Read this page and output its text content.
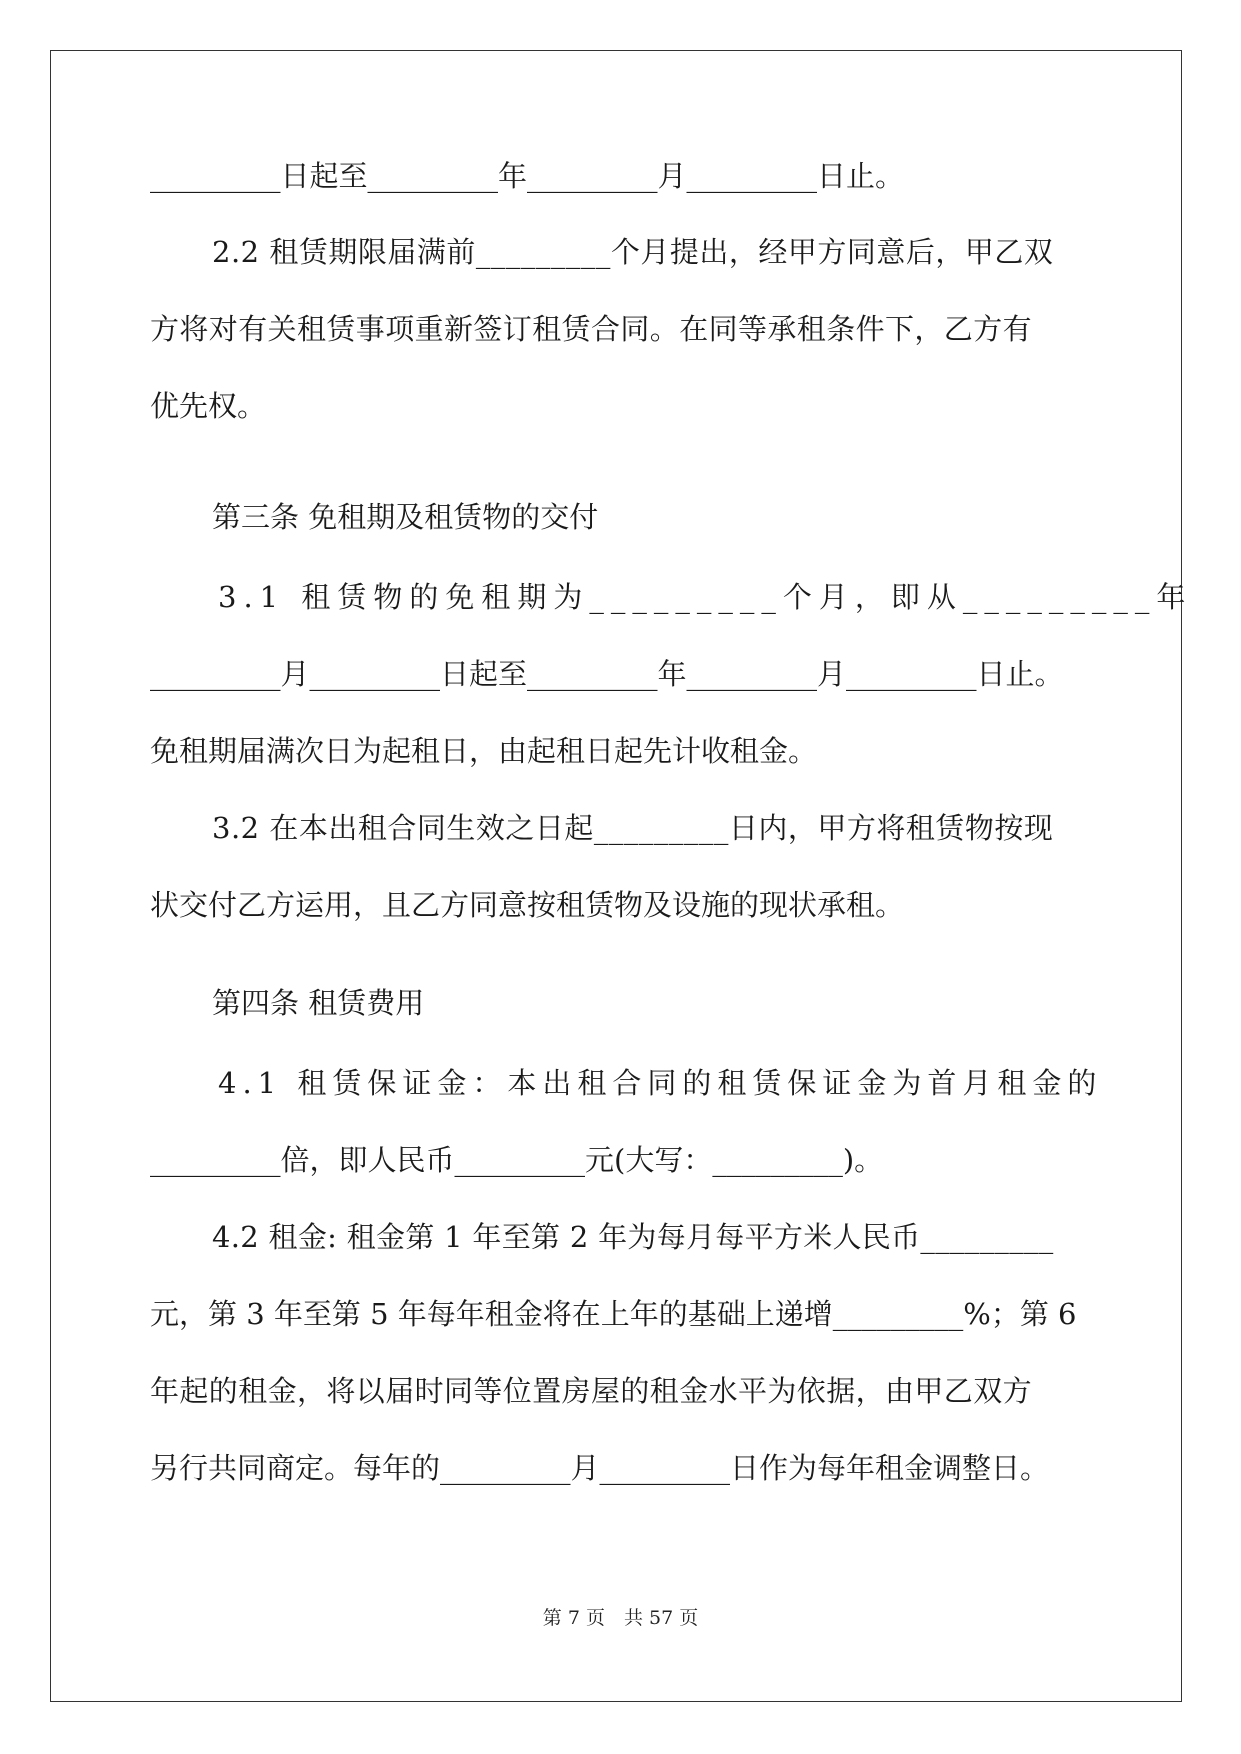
_________日起至_________年_________月_________日止。
2.2 租赁期限届满前_________个月提出，经甲方同意后，甲乙双
方将对有关租赁事项重新签订租赁合同。在同等承租条件下，乙方有
优先权。
第三条 免租期及租赁物的交付
3.1 租赁物的免租期为_________个月，即从_________年
_________月_________日起至_________年_________月_________日止。
免租期届满次日为起租日，由起租日起先计收租金。
3.2 在本出租合同生效之日起_________日内，甲方将租赁物按现
状交付乙方运用，且乙方同意按租赁物及设施的现状承租。
第四条 租赁费用
4.1 租赁保证金：本出租合同的租赁保证金为首月租金的
_________倍，即人民币_________元(大写：_________)。
4.2 租金: 租金第 1 年至第 2 年为每月每平方米人民币_________
元，第 3 年至第 5 年每年租金将在上年的基础上递增_________%；第 6
年起的租金，将以届时同等位置房屋的租金水平为依据，由甲乙双方
另行共同商定。每年的_________月_________日作为每年租金调整日。
第 7 页　共 57 页
